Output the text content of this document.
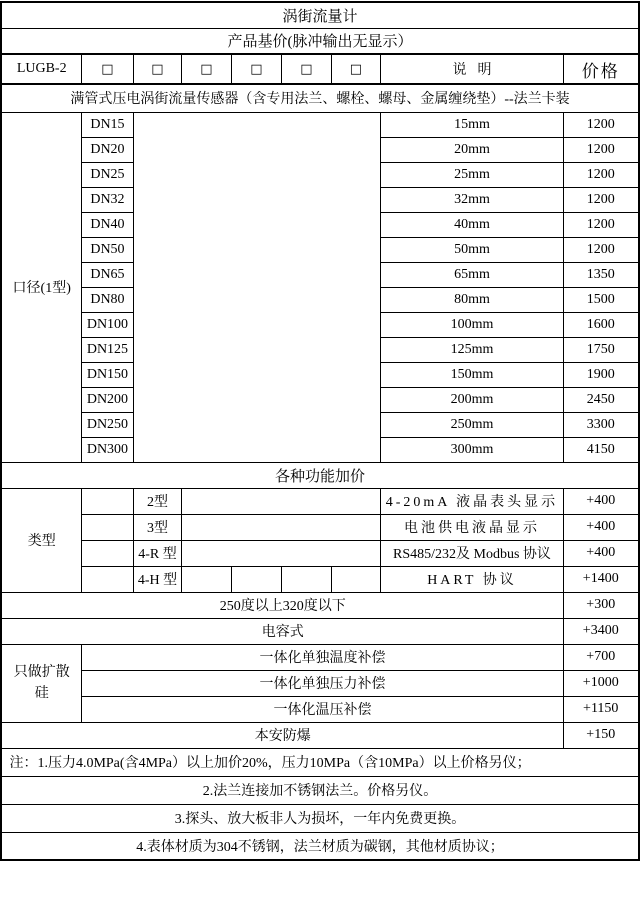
涡街流量计								
产品基价(脉冲输出无显示）								
LUGB-2	□	□	□	□	□	□	说明	价格
满管式压电涡街流量传感器（含专用法兰、螺栓、螺母、金属缠绕垫）--法兰卡装								
口径(1型)	DN15						15mm	1200
	DN20						20mm	1200
	DN25						25mm	1200
	DN32						32mm	1200
	DN40						40mm	1200
	DN50						50mm	1200
	DN65						65mm	1350
	DN80						80mm	1500
	DN100						100mm	1600
	DN125						125mm	1750
	DN150						150mm	1900
	DN200						200mm	2450
	DN250						250mm	3300
	DN300						300mm	4150
各种功能加价								
类型		2型					4-20mA 液晶表头显示	+400
		3型					电池供电液晶显示	+400
		4-R 型					RS485/232及 Modbus 协议	+400
		4-H 型					HART 协议	+1400
250度以上320度以下								+300
电容式								+3400
只做扩散硅	一体化单独温度补偿							+700
	一体化单独压力补偿							+1000
	一体化温压补偿							+1150
本安防爆								+150
注：1.压力4.0MPa(含4MPa）以上加价20%，压力10MPa（含10MPa）以上价格另仪；								
2.法兰连接加不锈钢法兰。价格另仪。								
3.探头、放大板非人为损坏，一年内免费更换。								
4.表体材质为304不锈钢，法兰材质为碳钢，其他材质协议；								
